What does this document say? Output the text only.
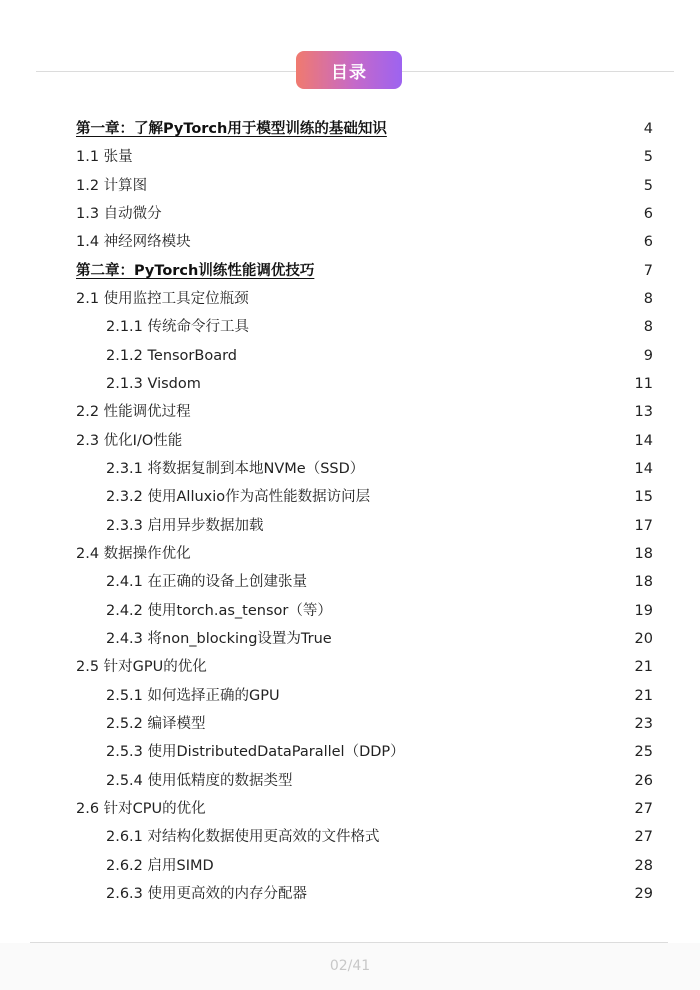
目录
第一章：了解PyTorch用于模型训练的基础知识	4
1.1 张量	5
1.2 计算图	5
1.3 自动微分	6
1.4 神经网络模块	6
第二章：PyTorch训练性能调优技巧	7
2.1 使用监控工具定位瓶颈	8
2.1.1 传统命令行工具	8
2.1.2 TensorBoard	9
2.1.3 Visdom	11
2.2 性能调优过程	13
2.3 优化I/O性能	14
2.3.1 将数据复制到本地NVMe（SSD）	14
2.3.2 使用Alluxio作为高性能数据访问层	15
2.3.3 启用异步数据加载	17
2.4 数据操作优化	18
2.4.1 在正确的设备上创建张量	18
2.4.2 使用torch.as_tensor（等）	19
2.4.3 将non_blocking设置为True	20
2.5 针对GPU的优化	21
2.5.1 如何选择正确的GPU	21
2.5.2 编译模型	23
2.5.3 使用DistributedDataParallel（DDP）	25
2.5.4 使用低精度的数据类型	26
2.6 针对CPU的优化	27
2.6.1 对结构化数据使用更高效的文件格式	27
2.6.2 启用SIMD	28
2.6.3 使用更高效的内存分配器	29
02/41
